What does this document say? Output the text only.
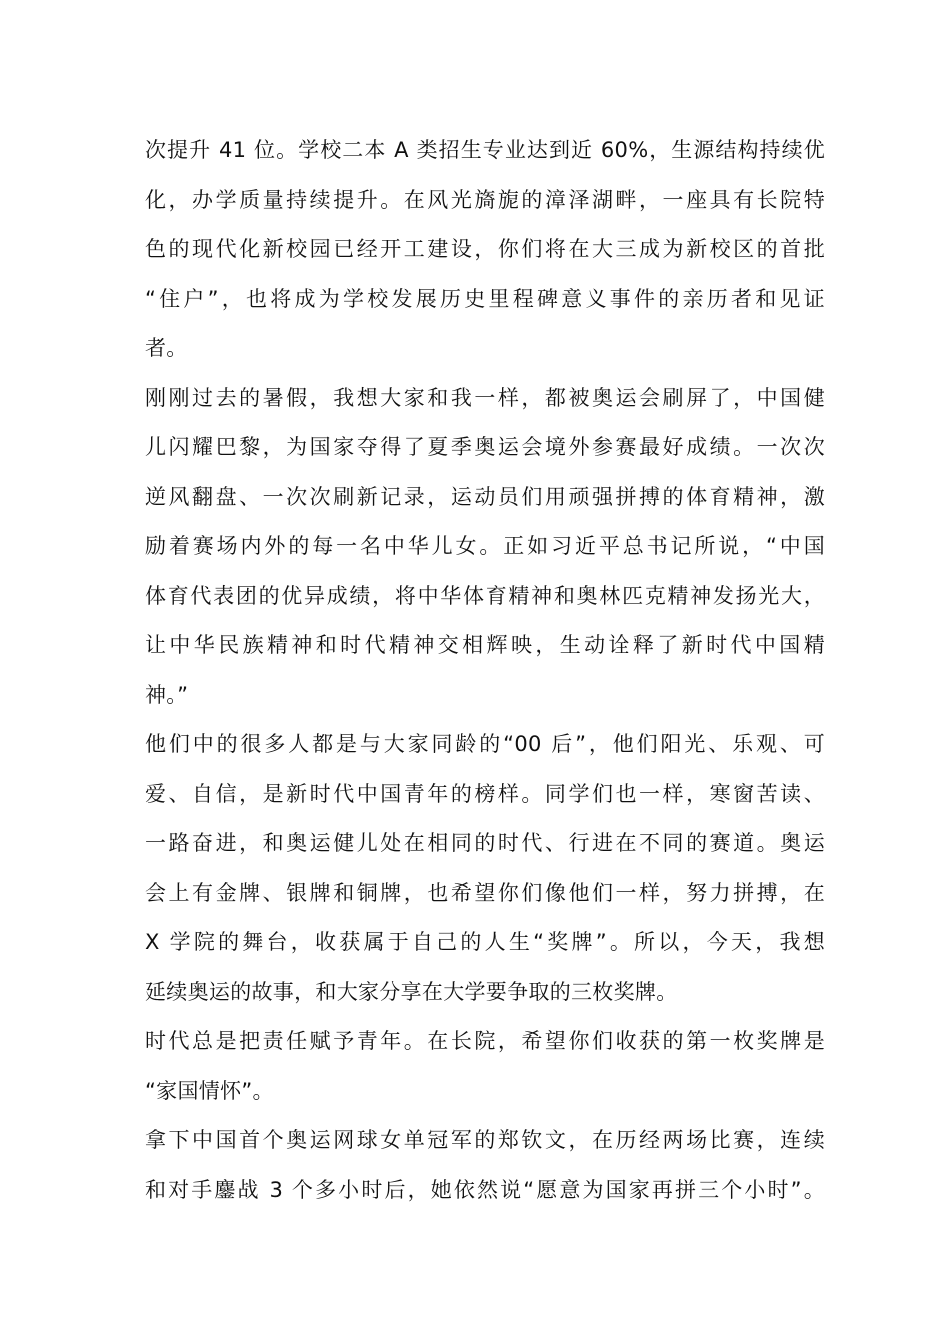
次提升 41 位。学校二本 A 类招生专业达到近 60%，生源结构持续优
化，办学质量持续提升。在风光旖旎的漳泽湖畔，一座具有长院特
色的现代化新校园已经开工建设，你们将在大三成为新校区的首批
“住户”，也将成为学校发展历史里程碑意义事件的亲历者和见证
者。
刚刚过去的暑假，我想大家和我一样，都被奥运会刷屏了，中国健
儿闪耀巴黎，为国家夺得了夏季奥运会境外参赛最好成绩。一次次
逆风翻盘、一次次刷新记录，运动员们用顽强拼搏的体育精神，激
励着赛场内外的每一名中华儿女。正如习近平总书记所说，“中国
体育代表团的优异成绩，将中华体育精神和奥林匹克精神发扬光大，
让中华民族精神和时代精神交相辉映，生动诠释了新时代中国精
神。”
他们中的很多人都是与大家同龄的“00 后”，他们阳光、乐观、可
爱、自信，是新时代中国青年的榜样。同学们也一样，寒窗苦读、
一路奋进，和奥运健儿处在相同的时代、行进在不同的赛道。奥运
会上有金牌、银牌和铜牌，也希望你们像他们一样，努力拼搏，在
X 学院的舞台，收获属于自己的人生“奖牌”。所以，今天，我想
延续奥运的故事，和大家分享在大学要争取的三枚奖牌。
时代总是把责任赋予青年。在长院，希望你们收获的第一枚奖牌是
“家国情怀”。
拿下中国首个奥运网球女单冠军的郑钦文，在历经两场比赛，连续
和对手鏖战 3 个多小时后，她依然说“愿意为国家再拼三个小时”。
